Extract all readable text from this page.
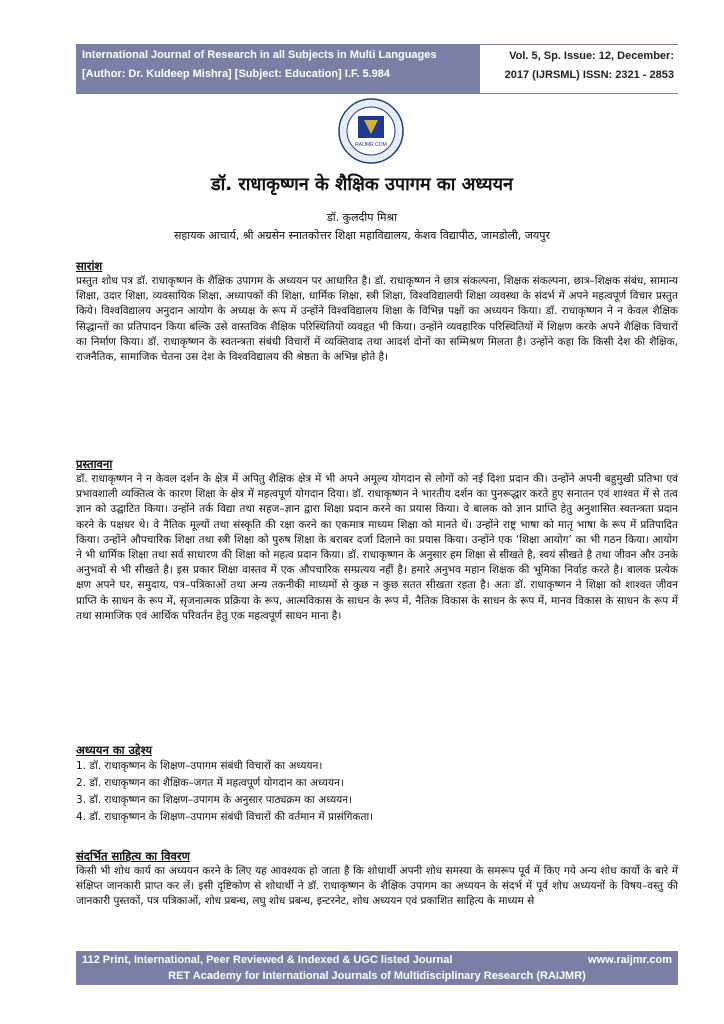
International Journal of Research in all Subjects in Multi Languages
[Author: Dr. Kuldeep Mishra] [Subject: Education] I.F. 5.984
Vol. 5, Sp. Issue: 12, December:
2017 (IJRSML) ISSN: 2321 - 2853
RAIJMR.COM
डॉ. राधाकृष्णन के शैक्षिक उपागम का अध्ययन
डॉ. कुलदीप मिश्रा
सहायक आचार्य, श्री अग्रसेन स्नातकोत्तर शिक्षा महाविद्यालय, केशव विद्यापीठ, जामडोली, जयपुर
सारांश

प्रस्तुत शोध पत्र डॉ. राधाकृष्णन के शैक्षिक उपागम के अध्ययन पर आधारित है। डॉ. राधाकृष्णन ने छात्र संकल्पना, शिक्षक संकल्पना, छात्र–शिक्षक संबंध, सामान्य शिक्षा, उदार शिक्षा, व्यवसायिक शिक्षा, अध्यापकों की शिक्षा, धार्मिक शिक्षा, स्त्री शिक्षा, विश्वविद्यालयी शिक्षा व्यवस्था के संदर्भ में अपने महत्वपूर्ण विचार प्रस्तुत किये। विश्वविद्यालय अनुदान आयोग के अध्यक्ष के रूप में उन्होंने विश्वविद्यालय शिक्षा के विभिन्न पक्षों का अध्ययन किया। डॉ. राधाकृष्णन ने न केवल शैक्षिक सिद्धान्तों का प्रतिपादन किया बल्कि उसे वास्तविक शैक्षिक परिस्थितियों व्यवहृत भी किया। उन्होंने व्यवहारिक परिस्थितियों में शिक्षण करके अपने शैक्षिक विचारों का निर्माण किया। डॉ. राधाकृष्णन के स्वतन्त्रता संबंधी विचारों में व्यक्तिवाद तथा आदर्श दोनों का सम्मिश्रण मिलता है। उन्होंने कहा कि किसी देश की शैक्षिक, राजनैतिक, सामाजिक चेतना उस देश के विश्वविद्यालय की श्रेष्ठता के अभिन्न होते है।

प्रस्तावना

डॉ. राधाकृष्णन ने न केवल दर्शन के क्षेत्र में अपितु शैक्षिक क्षेत्र में भी अपने अमूल्य योगदान से लोगों को नई दिशा प्रदान की। उन्होंने अपनी बहुमुखी प्रतिभा एवं प्रभावशाली व्यक्तित्व के कारण शिक्षा के क्षेत्र में महत्वपूर्ण योगदान दिया। डॉ. राधाकृष्णन ने भारतीय दर्शन का पुनरूद्धार करते हुए सनातन एवं शाश्वत में से तत्व ज्ञान को उद्घाटित किया। उन्होंने तर्क विद्या तथा सहज–ज्ञान द्वारा शिक्षा प्रदान करने का प्रयास किया। वे बालक को ज्ञान प्राप्ति हेतु अनुशासित स्वतन्त्रता प्रदान करने के पक्षधर थे। वे नैतिक मूल्यों तथा संस्कृति की रक्षा करने का एकमात्र माध्यम शिक्षा को मानते थें। उन्होंने राष्ट्र भाषा को मातृ भाषा के रूप में प्रतिपादित किया। उन्होंने औपचारिक शिक्षा तथा स्त्री शिक्षा को पुरुष शिक्षा के बराबर दर्जा दिलाने का प्रयास किया। उन्होंने एक ‘शिक्षा आयोग’ का भी गठन किया। आयोग ने भी धार्मिक शिक्षा तथा सर्व साधारण की शिक्षा को महत्व प्रदान किया। डॉ. राधाकृष्णन के अनुसार हम शिक्षा से सीखते है, स्वयं सीखते है तथा जीवन और उनके अनुभवों से भी सीखते है। इस प्रकार शिक्षा वास्तव में एक औपचारिक सम्प्रत्यय नहीं है। हमारे अनुभव महान शिक्षक की भूमिका निर्वाह करते है। बालक प्रत्येक क्षण अपने घर, समुदाय, पत्र–पत्रिकाओं तथा अन्य तकनीकी माध्यमों से कुछ न कुछ सतत सीखता रहता है। अतः डॉ. राधाकृष्णन ने शिक्षा को शाश्वत जीवन प्राप्ति के साधन के रूप में, सृजनात्मक प्रक्रिया के रूप, आत्मविकास के साधन के रूप में, नैतिक विकास के साधन के रूप में, मानव विकास के साधन के रूप में तथा सामाजिक एवं आर्थिक परिवर्तन हेतु एक महत्वपूर्ण साधन माना है।

अध्ययन का उद्देश्य
1. डॉ. राधाकृष्णन के शिक्षण–उपागम संबंधी विचारों का अध्ययन।
2. डॉ. राधाकृष्णन का शैक्षिक–जगत में महत्वपूर्ण योगदान का अध्ययन।
3. डॉ. राधाकृष्णन का शिक्षण–उपागम के अनुसार पाठ्यक्रम का अध्ययन।
4. डॉ. राधाकृष्णन के शिक्षण–उपागम संबंधी विचारों की वर्तमान में प्रासंगिकता।
संदर्भित साहित्य का विवरण

किसी भी शोध कार्य का अध्ययन करने के लिए यह आवश्यक हो जाता है कि शोधार्थी अपनी शोध समस्या के समरूप पूर्व में किए गये अन्य शोध कार्यो के बारे में संक्षिप्त जानकारी प्राप्त कर लें। इसी दृष्टिकोण से शोधार्थी ने डॉ. राधाकृष्णन के शैक्षिक उपागम का अध्ययन के संदर्भ में पूर्व शोध अध्ययनों के विषय–वस्तु की जानकारी पुस्तकों, पत्र पत्रिकाओं, शोध प्रबन्ध, लघु शोध प्रबन्ध, इन्टरनेट, शोध अध्ययन एवं प्रकाशित साहित्य के माध्यम से

112 Print, International, Peer Reviewed & Indexed & UGC listed Journal	www.raijmr.com
RET Academy for International Journals of Multidisciplinary Research (RAIJMR)
